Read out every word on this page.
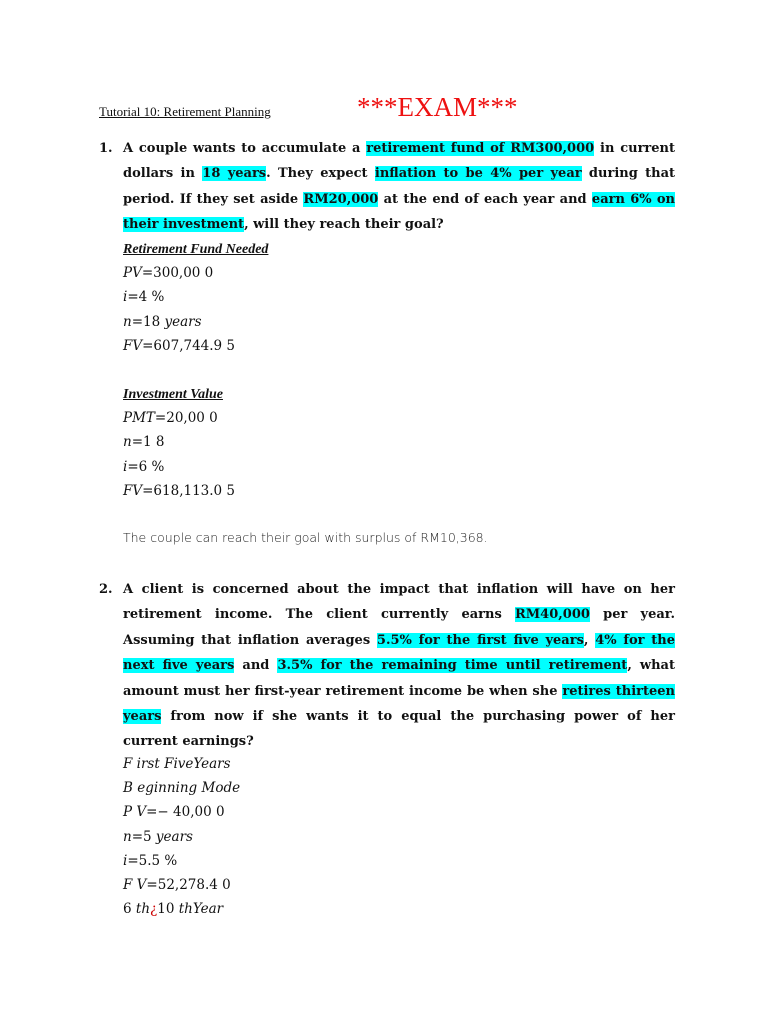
Tutorial 10: Retirement Planning	***EXAM***
1. A couple wants to accumulate a retirement fund of RM300,000 in current dollars in 18 years. They expect inflation to be 4% per year during that period. If they set aside RM20,000 at the end of each year and earn 6% on their investment, will they reach their goal?
Retirement Fund Needed
PV=300,00 0
i=4 %
n=18 years
FV=607,744.9 5
Investment Value
PMT=20,00 0
n=1 8
i=6 %
FV=618,113.0 5
The couple can reach their goal with surplus of RM10,368.
2. A client is concerned about the impact that inflation will have on her retirement income. The client currently earns RM40,000 per year. Assuming that inflation averages 5.5% for the first five years, 4% for the next five years and 3.5% for the remaining time until retirement, what amount must her first-year retirement income be when she retires thirteen years from now if she wants it to equal the purchasing power of her current earnings?
F irst FiveYears
B eginning Mode
P V=− 40,00 0
n=5 years
i=5.5 %
F V=52,278.4 0
6 th¿10 thYear
